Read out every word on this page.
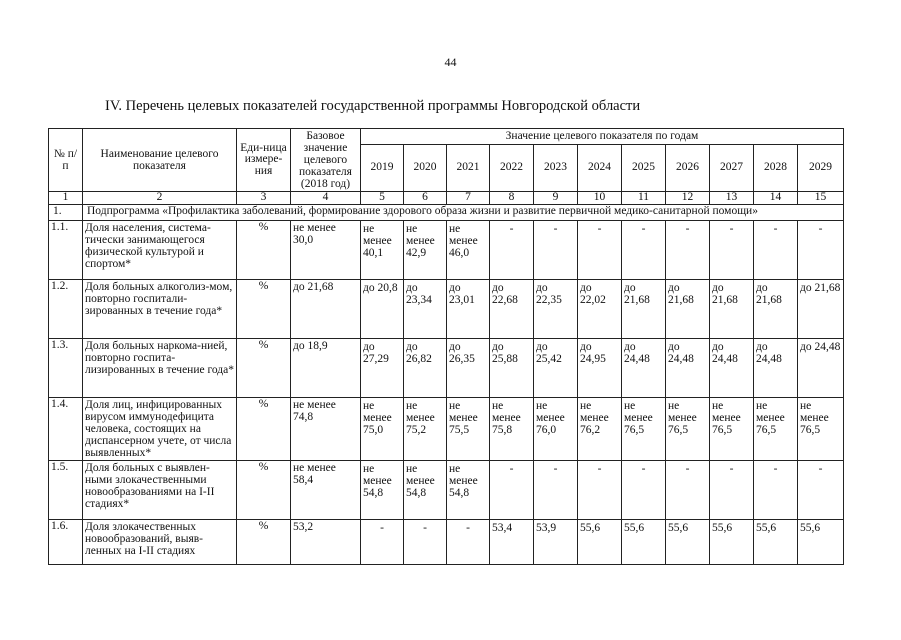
44
IV. Перечень целевых показателей государственной программы Новгородской области
№ п/п	Наименование целевого показателя	Еди-ница измере-ния	Базовое значение целевого показателя (2018 год)	Значение целевого показателя по годам										
				2019	2020	2021	2022	2023	2024	2025	2026	2027	2028	2029
1	2	3	4	5	6	7	8	9	10	11	12	13	14	15
1.	Подпрограмма «Профилактика заболеваний, формирование здорового образа жизни и развитие первичной медико-санитарной помощи»													
1.1.	Доля населения, система-тически занимающегося физической культурой и спортом*	%	не менее 30,0	не менее 40,1	не менее 42,9	не менее 46,0	-	-	-	-	-	-	-	-
1.2.	Доля больных алкоголиз-мом, повторно госпитали-зированных в течение года*	%	до 21,68	до 20,8	до 23,34	до 23,01	до 22,68	до 22,35	до 22,02	до 21,68	до 21,68	до 21,68	до 21,68	до 21,68
1.3.	Доля больных наркома-нией, повторно госпита-лизированных в течение года*	%	до 18,9	до 27,29	до 26,82	до 26,35	до 25,88	до 25,42	до 24,95	до 24,48	до 24,48	до 24,48	до 24,48	до 24,48
1.4.	Доля лиц, инфицированных вирусом иммунодефицита человека, состоящих на диспансерном учете, от числа выявленных*	%	не менее 74,8	не менее 75,0	не менее 75,2	не менее 75,5	не менее 75,8	не менее 76,0	не менее 76,2	не менее 76,5	не менее 76,5	не менее 76,5	не менее 76,5	не менее 76,5
1.5.	Доля больных с выявлен-ными злокачественными новообразованиями на I-II стадиях*	%	не менее 58,4	не менее 54,8	не менее 54,8	не менее 54,8	-	-	-	-	-	-	-	-
1.6.	Доля злокачественных новообразований, выяв-ленных на I-II стадиях	%	53,2	-	-	-	53,4	53,9	55,6	55,6	55,6	55,6	55,6	55,6
